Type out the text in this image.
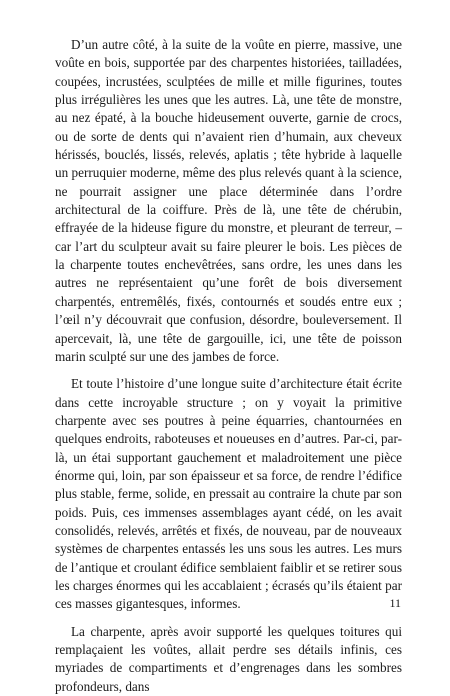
D’un autre côté, à la suite de la voûte en pierre, massive, une voûte en bois, supportée par des charpentes historiées, tailladées, coupées, incrustées, sculptées de mille et mille figurines, toutes plus irrégulières les unes que les autres. Là, une tête de monstre, au nez épaté, à la bouche hideusement ouverte, garnie de crocs, ou de sorte de dents qui n’avaient rien d’humain, aux cheveux hérissés, bouclés, lissés, relevés, aplatis ; tête hybride à laquelle un perruquier moderne, même des plus relevés quant à la science, ne pourrait assigner une place déterminée dans l’ordre architectural de la coiffure. Près de là, une tête de chérubin, effrayée de la hideuse figure du monstre, et pleurant de terreur, – car l’art du sculpteur avait su faire pleurer le bois. Les pièces de la charpente toutes enchevêtrées, sans ordre, les unes dans les autres ne représentaient qu’une forêt de bois diversement charpentés, entremêlés, fixés, contournés et soudés entre eux ; l’œil n’y découvrait que confusion, désordre, bouleversement. Il apercevait, là, une tête de gargouille, ici, une tête de poisson marin sculpté sur une des jambes de force.

Et toute l’histoire d’une longue suite d’architecture était écrite dans cette incroyable structure ; on y voyait la primitive charpente avec ses poutres à peine équarries, chantournées en quelques endroits, raboteuses et noueuses en d’autres. Par-ci, par-là, un étai supportant gauchement et maladroitement une pièce énorme qui, loin, par son épaisseur et sa force, de rendre l’édifice plus stable, ferme, solide, en pressait au contraire la chute par son poids. Puis, ces immenses assemblages ayant cédé, on les avait consolidés, relevés, arrêtés et fixés, de nouveau, par de nouveaux systèmes de charpentes entassés les uns sous les autres. Les murs de l’antique et croulant édifice semblaient faiblir et se retirer sous les charges énormes qui les accablaient ; écrasés qu’ils étaient par ces masses gigantesques, informes.

La charpente, après avoir supporté les quelques toitures qui remplaçaient les voûtes, allait perdre ses détails infinis, ces myriades de compartiments et d’engrenages dans les sombres profondeurs, dans

11
